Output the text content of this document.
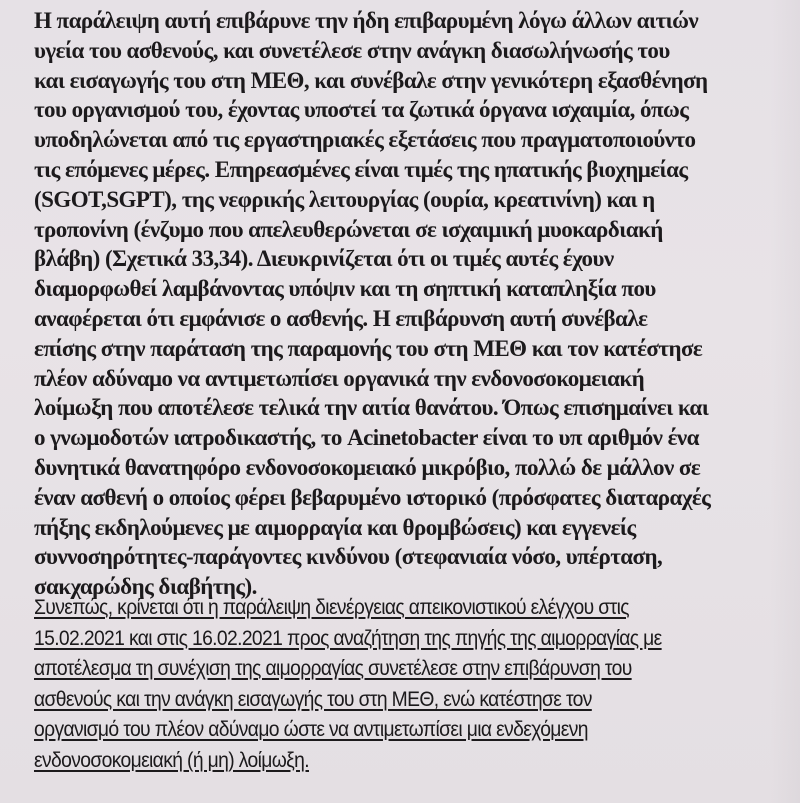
Η παράλειψη αυτή επιβάρυνε την ήδη επιβαρυμένη λόγω άλλων αιτιών
υγεία του ασθενούς, και συνετέλεσε στην ανάγκη διασωλήνωσής του
και εισαγωγής του στη ΜΕΘ, και συνέβαλε στην γενικότερη εξασθένηση
του οργανισμού του, έχοντας υποστεί τα ζωτικά όργανα ισχαιμία, όπως
υποδηλώνεται από τις εργαστηριακές εξετάσεις που πραγματοποιούντο
τις επόμενες μέρες. Επηρεασμένες είναι τιμές της ηπατικής βιοχημείας
(SGOT,SGPT), της νεφρικής λειτουργίας (ουρία, κρεατινίνη) και η
τροπονίνη (ένζυμο που απελευθερώνεται σε ισχαιμική μυοκαρδιακή
βλάβη) (Σχετικά 33,34). Διευκρινίζεται ότι οι τιμές αυτές έχουν
διαμορφωθεί λαμβάνοντας υπόψιν και τη σηπτική καταπληξία που
αναφέρεται ότι εμφάνισε ο ασθενής. Η επιβάρυνση αυτή συνέβαλε
επίσης στην παράταση της παραμονής του στη ΜΕΘ και τον κατέστησε
πλέον αδύναμο να αντιμετωπίσει οργανικά την ενδονοσοκομειακή
λοίμωξη που αποτέλεσε τελικά την αιτία θανάτου. Όπως επισημαίνει και
ο γνωμοδοτών ιατροδικαστής, το Acinetobacter είναι το υπ αριθμόν ένα
δυνητικά θανατηφόρο ενδονοσοκομειακό μικρόβιο, πολλώ δε μάλλον σε
έναν ασθενή ο οποίος φέρει βεβαρυμένο ιστορικό (πρόσφατες διαταραχές
πήξης εκδηλούμενες με αιμορραγία και θρομβώσεις) και εγγενείς
συννοσηρότητες-παράγοντες κινδύνου (στεφανιαία νόσο, υπέρταση,
σακχαρώδης διαβήτης).
Συνεπώς, κρίνεται ότι η παράλειψη διενέργειας απεικονιστικού ελέγχου στις
15.02.2021 και στις 16.02.2021 προς αναζήτηση της πηγής της αιμορραγίας με
αποτέλεσμα τη συνέχιση της αιμορραγίας συνετέλεσε στην επιβάρυνση του
ασθενούς και την ανάγκη εισαγωγής του στη ΜΕΘ, ενώ κατέστησε τον
οργανισμό του πλέον αδύναμο ώστε να αντιμετωπίσει μια ενδεχόμενη
ενδονοσοκομειακή (ή μη) λοίμωξη.
